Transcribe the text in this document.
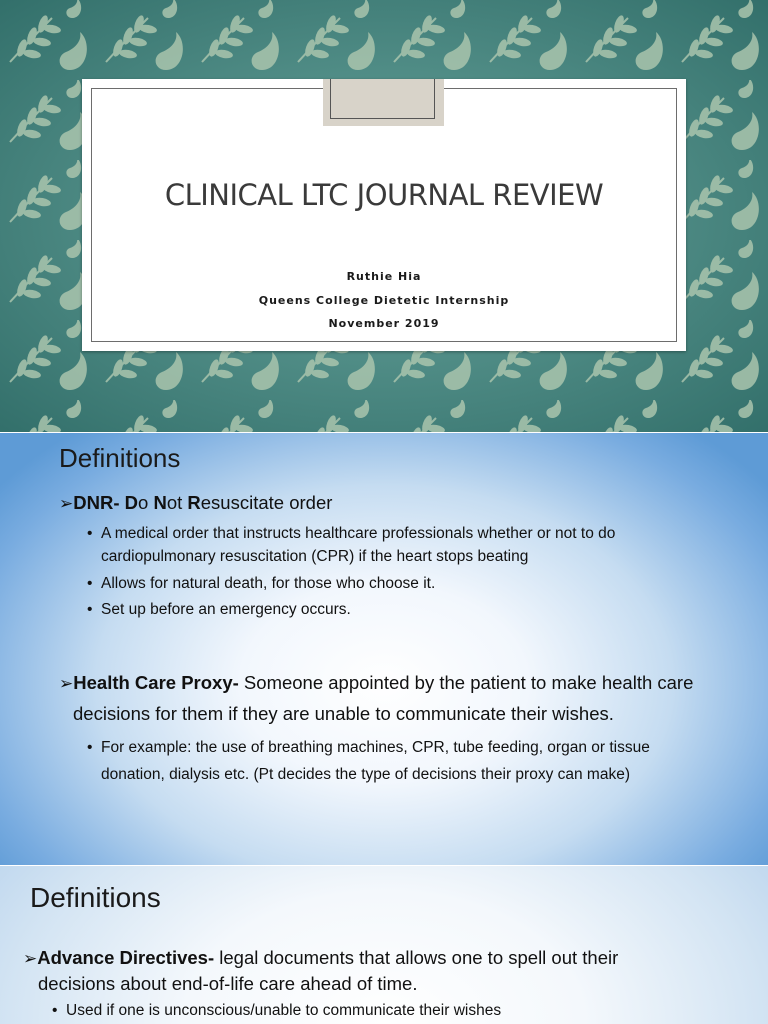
CLINICAL LTC JOURNAL REVIEW
Ruthie Hia
Queens College Dietetic Internship
November 2019
Definitions
➢DNR- Do Not Resuscitate order
• A medical order that instructs healthcare professionals whether or not to do
cardiopulmonary resuscitation (CPR) if the heart stops beating
• Allows for natural death, for those who choose it.
• Set up before an emergency occurs.
➢Health Care Proxy- Someone appointed by the patient to make health care
decisions for them if they are unable to communicate their wishes.
• For example: the use of breathing machines, CPR, tube feeding, organ or tissue
donation, dialysis etc. (Pt decides the type of decisions their proxy can make)
Definitions
➢Advance Directives- legal documents that allows one to spell out their
decisions about end-of-life care ahead of time.
• Used if one is unconscious/unable to communicate their wishes
